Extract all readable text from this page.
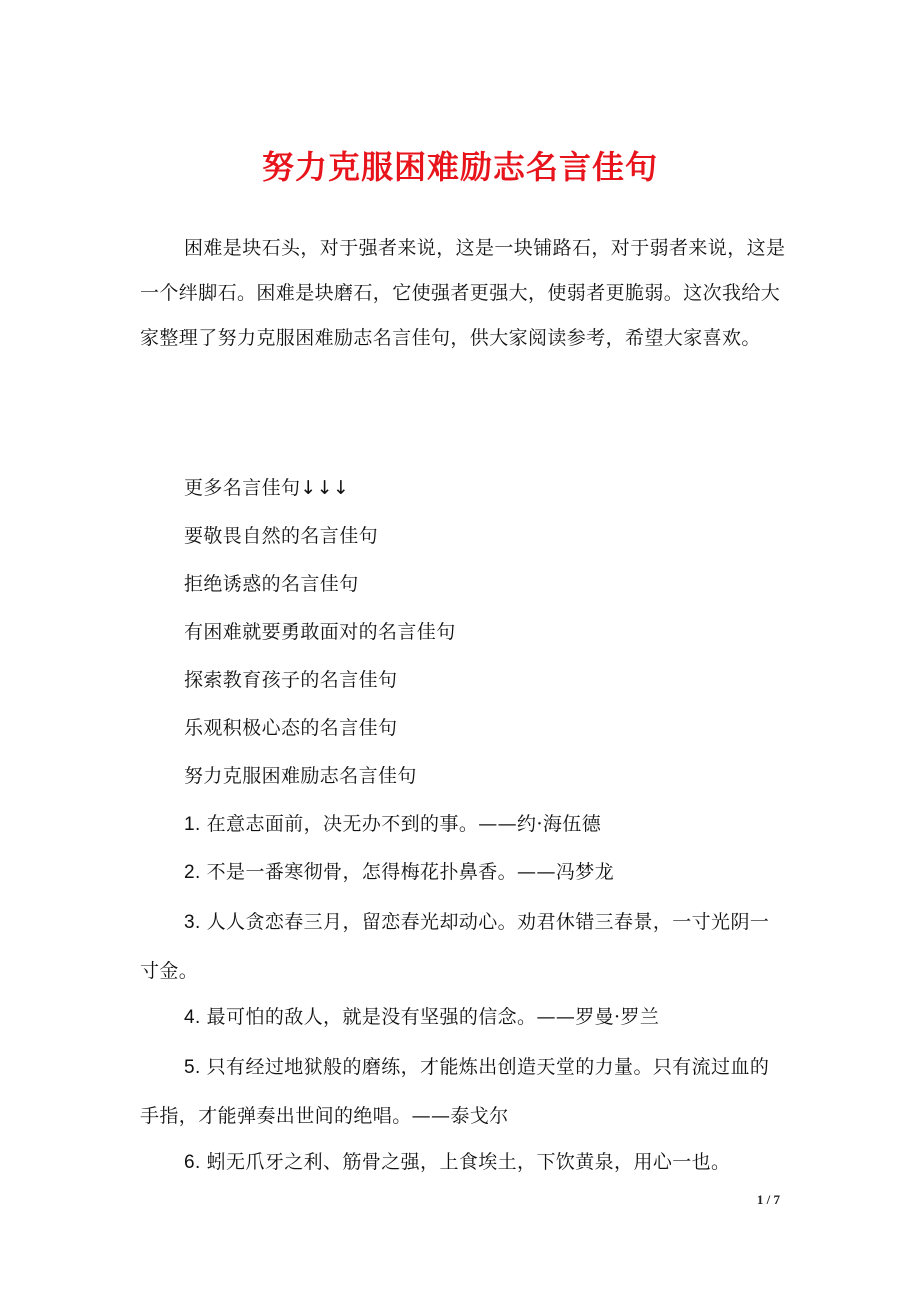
努力克服困难励志名言佳句

困难是块石头，对于强者来说，这是一块铺路石，对于弱者来说，这是一个绊脚石。困难是块磨石，它使强者更强大，使弱者更脆弱。这次我给大家整理了努力克服困难励志名言佳句，供大家阅读参考，希望大家喜欢。

更多名言佳句↓↓↓

要敬畏自然的名言佳句

拒绝诱惑的名言佳句

有困难就要勇敢面对的名言佳句

探索教育孩子的名言佳句

乐观积极心态的名言佳句

努力克服困难励志名言佳句

1. 在意志面前，决无办不到的事。——约·海伍德

2. 不是一番寒彻骨，怎得梅花扑鼻香。——冯梦龙

3. 人人贪恋春三月，留恋春光却动心。劝君休错三春景，一寸光阴一寸金。

4. 最可怕的敌人，就是没有坚强的信念。——罗曼·罗兰

5. 只有经过地狱般的磨练，才能炼出创造天堂的力量。只有流过血的手指，才能弹奏出世间的绝唱。——泰戈尔

6. 蚓无爪牙之利、筋骨之强，上食埃土，下饮黄泉，用心一也。

1 / 7
